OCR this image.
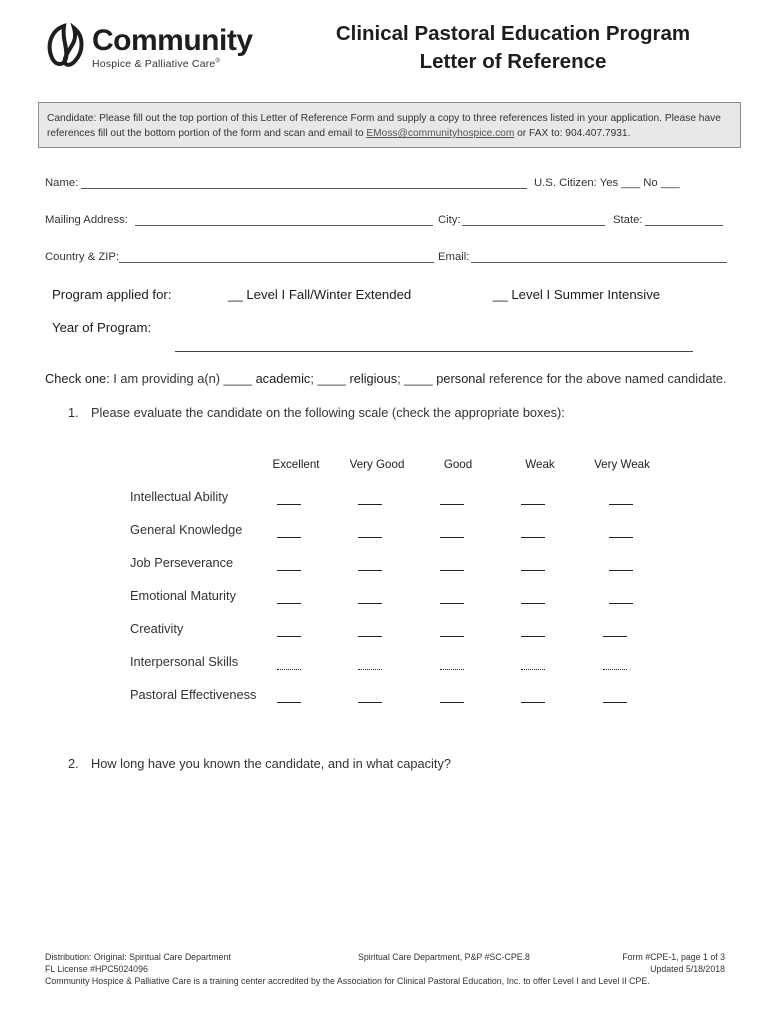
Community
Hospice & Palliative Care®
Clinical Pastoral Education Program
Letter of Reference
Candidate: Please fill out the top portion of this Letter of Reference Form and supply a copy to three references listed in your application. Please have references fill out the bottom portion of the form and scan and email to EMoss@communityhospice.com or FAX to: 904.407.7931.
Name:	U.S. Citizen: Yes ___ No ___
Mailing Address:	City:	State:
Country & ZIP:	Email:
Program applied for:	__ Level I Fall/Winter Extended	__ Level I Summer Intensive
Year of Program:
Check one: I am providing a(n) ____ academic; ____ religious; ____ personal reference for the above named candidate.
1. Please evaluate the candidate on the following scale (check the appropriate boxes):
Excellent	Very Good	Good	Weak	Very Weak
Intellectual Ability
General Knowledge
Job Perseverance
Emotional Maturity
Creativity
Interpersonal Skills
Pastoral Effectiveness
2. How long have you known the candidate, and in what capacity?
Distribution: Original: Spiritual Care Department
FL License #HPC5024096
Spiritual Care Department, P&P #SC-CPE.8	Form #CPE-1, page 1 of 3
Updated 5/18/2018
Community Hospice & Palliative Care is a training center accredited by the Association for Clinical Pastoral Education, Inc. to offer Level I and Level II CPE.
